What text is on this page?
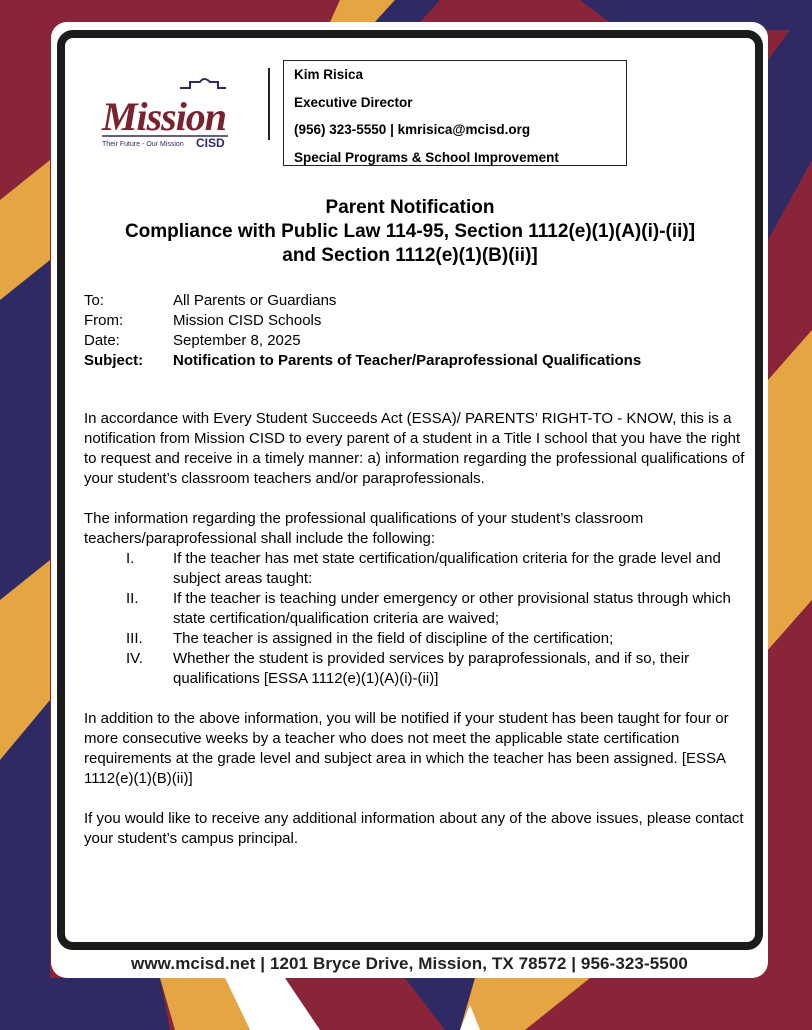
Mission
Their Future - Our Mission CISD
Kim Risica
Executive Director
(956) 323-5550 | kmrisica@mcisd.org
Special Programs & School Improvement
Parent Notification
Compliance with Public Law 114-95, Section 1112(e)(1)(A)(i)-(ii)]
and Section 1112(e)(1)(B)(ii)]
To:	All Parents or Guardians
From:	Mission CISD Schools
Date:	September 8, 2025
Subject:	Notification to Parents of Teacher/Paraprofessional Qualifications

In accordance with Every Student Succeeds Act (ESSA)/ PARENTS’ RIGHT-TO - KNOW, this is a notification from Mission CISD to every parent of a student in a Title I school that you have the right to request and receive in a timely manner: a) information regarding the professional qualifications of your student’s classroom teachers and/or paraprofessionals.

The information regarding the professional qualifications of your student’s classroom teachers/paraprofessional shall include the following:

I.	If the teacher has met state certification/qualification criteria for the grade level and subject areas taught:
II.	If the teacher is teaching under emergency or other provisional status through which state certification/qualification criteria are waived;
III.	The teacher is assigned in the field of discipline of the certification;
IV.	Whether the student is provided services by paraprofessionals, and if so, their qualifications [ESSA 1112(e)(1)(A)(i)-(ii)]

In addition to the above information, you will be notified if your student has been taught for four or more consecutive weeks by a teacher who does not meet the applicable state certification requirements at the grade level and subject area in which the teacher has been assigned. [ESSA 1112(e)(1)(B)(ii)]

If you would like to receive any additional information about any of the above issues, please contact your student’s campus principal.

www.mcisd.net | 1201 Bryce Drive, Mission, TX 78572 | 956-323-5500
